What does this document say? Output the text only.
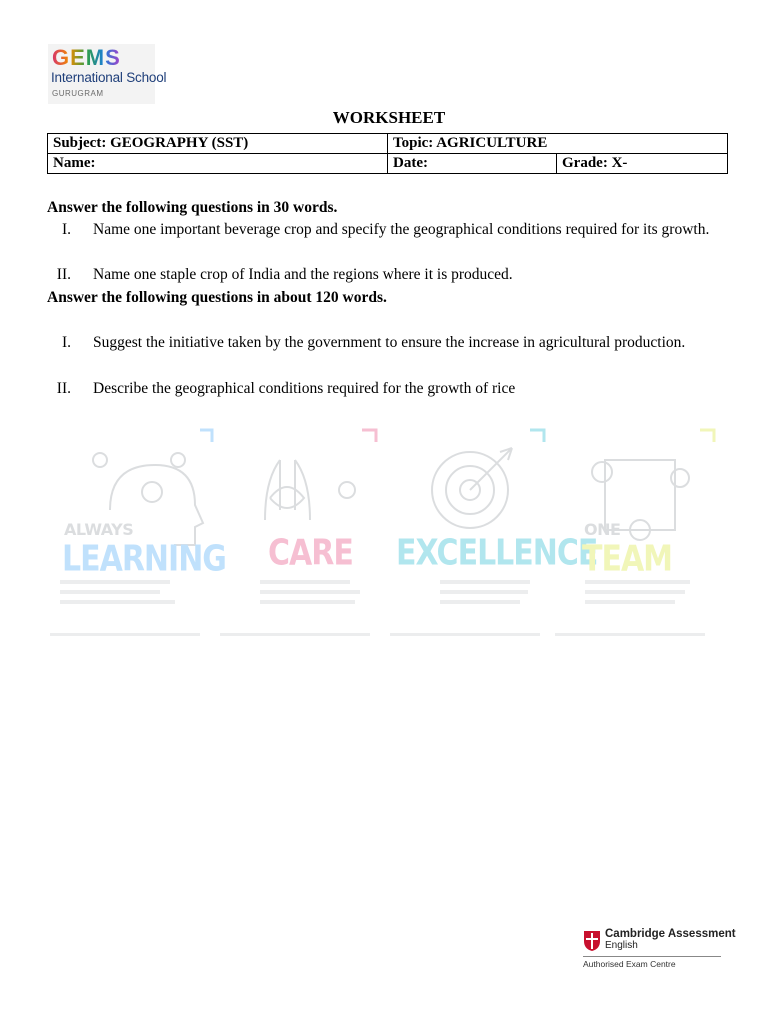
GEMS
International School
GURUGRAM
WORKSHEET
Subject: GEOGRAPHY (SST)	Topic: AGRICULTURE	
Name:	Date:	Grade: X-
Answer the following questions in 30 words.
I. Name one important beverage crop and specify the geographical conditions required for its growth.
II. Name one staple crop of India and the regions where it is produced.
Answer the following questions in about 120 words.
I. Suggest the initiative taken by the government to ensure the increase in agricultural production.
II. Describe the geographical conditions required for the growth of rice
ALWAYS
LEARNING CARE EXCELLENCE
ONE
TEAM
Cambridge Assessment
English
Authorised Exam Centre
